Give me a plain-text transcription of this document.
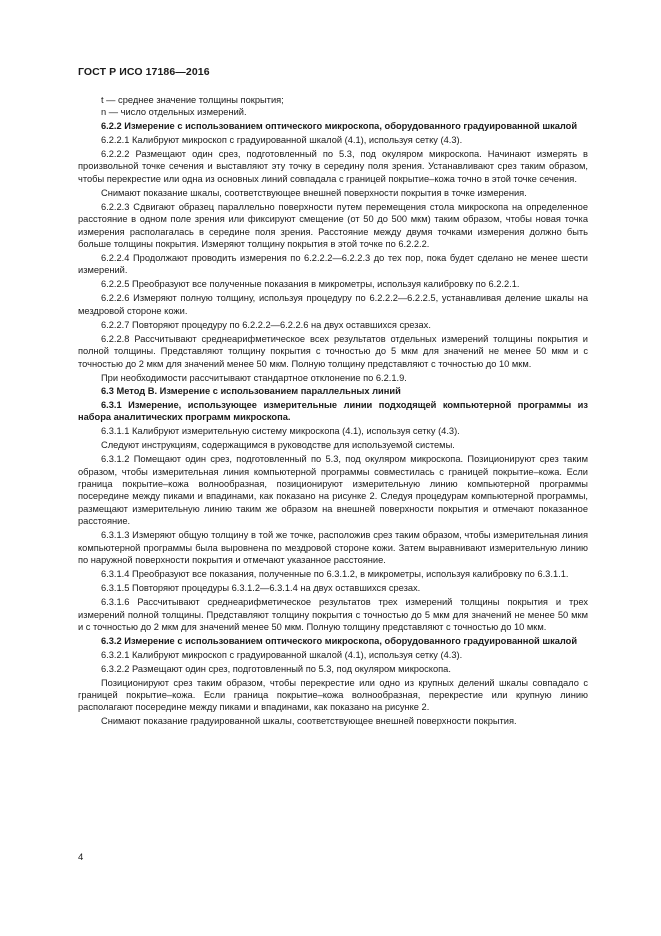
ГОСТ Р ИСО 17186—2016

t — среднее значение толщины покрытия;

n — число отдельных измерений.

6.2.2 Измерение с использованием оптического микроскопа, оборудованного градуированной шкалой

6.2.2.1 Калибруют микроскоп с градуированной шкалой (4.1), используя сетку (4.3).

6.2.2.2 Размещают один срез, подготовленный по 5.3, под окуляром микроскопа. Начинают измерять в произвольной точке сечения и выставляют эту точку в середину поля зрения. Устанавливают срез таким образом, чтобы перекрестие или одна из основных линий совпадала с границей покрытие–кожа точно в этой точке сечения.

Снимают показание шкалы, соответствующее внешней поверхности покрытия в точке измерения.

6.2.2.3 Сдвигают образец параллельно поверхности путем перемещения стола микроскопа на определенное расстояние в одном поле зрения или фиксируют смещение (от 50 до 500 мкм) таким образом, чтобы новая точка измерения располагалась в середине поля зрения. Расстояние между двумя точками измерения должно быть больше толщины покрытия. Измеряют толщину покрытия в этой точке по 6.2.2.2.

6.2.2.4 Продолжают проводить измерения по 6.2.2.2—6.2.2.3 до тех пор, пока будет сделано не менее шести измерений.

6.2.2.5 Преобразуют все полученные показания в микрометры, используя калибровку по 6.2.2.1.

6.2.2.6 Измеряют полную толщину, используя процедуру по 6.2.2.2—6.2.2.5, устанавливая деление шкалы на мездровой стороне кожи.

6.2.2.7 Повторяют процедуру по 6.2.2.2—6.2.2.6 на двух оставшихся срезах.

6.2.2.8 Рассчитывают среднеарифметическое всех результатов отдельных измерений толщины покрытия и полной толщины. Представляют толщину покрытия с точностью до 5 мкм для значений не менее 50 мкм и с точностью до 2 мкм для значений менее 50 мкм. Полную толщину представляют с точностью до 10 мкм.

При необходимости рассчитывают стандартное отклонение по 6.2.1.9.

6.3 Метод B. Измерение с использованием параллельных линий

6.3.1 Измерение, использующее измерительные линии подходящей компьютерной программы из набора аналитических программ микроскопа.

6.3.1.1 Калибруют измерительную систему микроскопа (4.1), используя сетку (4.3).

Следуют инструкциям, содержащимся в руководстве для используемой системы.

6.3.1.2 Помещают один срез, подготовленный по 5.3, под окуляром микроскопа. Позиционируют срез таким образом, чтобы измерительная линия компьютерной программы совместилась с границей покрытие–кожа. Если граница покрытие–кожа волнообразная, позиционируют измерительную линию компьютерной программы посередине между пиками и впадинами, как показано на рисунке 2. Следуя процедурам компьютерной программы, размещают измерительную линию таким же образом на внешней поверхности покрытия и отмечают показанное расстояние.

6.3.1.3 Измеряют общую толщину в той же точке, расположив срез таким образом, чтобы измерительная линия компьютерной программы была выровнена по мездровой стороне кожи. Затем выравнивают измерительную линию по наружной поверхности покрытия и отмечают указанное расстояние.

6.3.1.4 Преобразуют все показания, полученные по 6.3.1.2, в микрометры, используя калибровку по 6.3.1.1.

6.3.1.5 Повторяют процедуры 6.3.1.2—6.3.1.4 на двух оставшихся срезах.

6.3.1.6 Рассчитывают среднеарифметическое результатов трех измерений толщины покрытия и трех измерений полной толщины. Представляют толщину покрытия с точностью до 5 мкм для значений не менее 50 мкм и с точностью до 2 мкм для значений менее 50 мкм. Полную толщину представляют с точностью до 10 мкм.

6.3.2 Измерение с использованием оптического микроскопа, оборудованного градуированной шкалой

6.3.2.1 Калибруют микроскоп с градуированной шкалой (4.1), используя сетку (4.3).

6.3.2.2 Размещают один срез, подготовленный по 5.3, под окуляром микроскопа.

Позиционируют срез таким образом, чтобы перекрестие или одно из крупных делений шкалы совпадало с границей покрытие–кожа. Если граница покрытие–кожа волнообразная, перекрестие или крупную линию располагают посередине между пиками и впадинами, как показано на рисунке 2.

Снимают показание градуированной шкалы, соответствующее внешней поверхности покрытия.

4
